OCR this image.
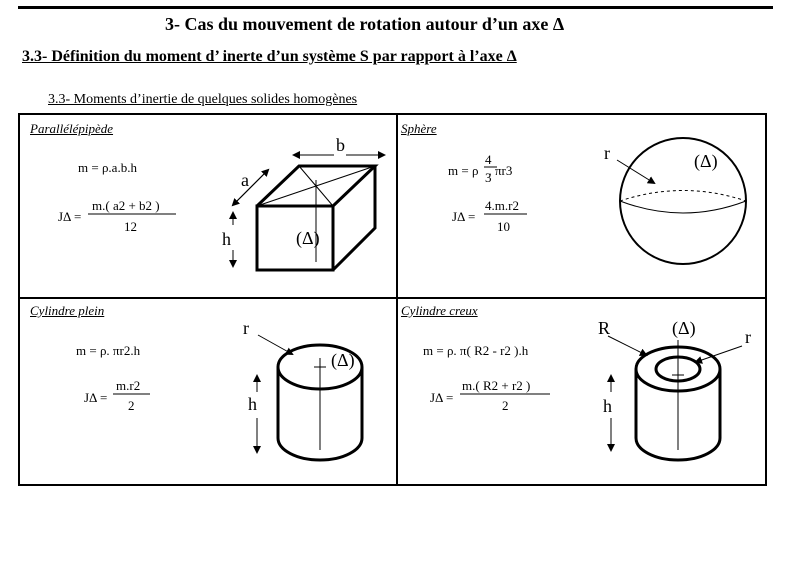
3- Cas du mouvement de rotation autour d’un axe Δ
3.3- Définition du moment d’ inerte d’un système S par rapport à l’axe Δ
3.3- Moments d’inertie de quelques solides homogènes
Parallélépipède
m = ρ.a.b.h
JΔ =
m.( a2 + b2 )
12
b
a
h	(Δ)
Sphère
m = ρ . πr3
4
3
JΔ =
4.m.r2
10
r	(Δ)
Cylindre plein
m = ρ. πr2.h
JΔ =
m.r2
2
r
(Δ)
h
Cylindre creux
m = ρ. π( R2 - r2 ).h
JΔ =
m.( R2 + r2 )
2
R	(Δ)	r
h
